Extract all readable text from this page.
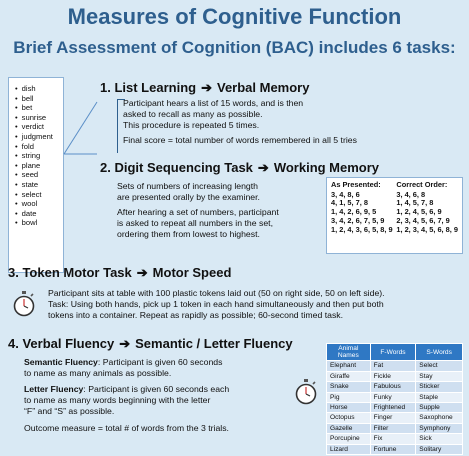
Measures of Cognitive Function
Brief Assessment of Cognition (BAC) includes 6 tasks:
• dish
• bell
• bet
• sunrise
• verdict
• judgment
• fold
• string
• plane
• seed
• state
• select
• wool
• date
• bowl
1. List Learning ➔ Verbal Memory
Participant hears a list of 15 words, and is then
asked to recall as many as possible.
This procedure is repeated 5 times.
Final score = total number of words remembered in all 5 tries
2. Digit Sequencing Task ➔ Working Memory
Sets of numbers of increasing length
are presented orally by the examiner.
After hearing a set of numbers, participant
is asked to repeat all numbers in the set,
ordering them from lowest to highest.
As Presented:	Correct Order:
3, 4, 8, 6	3, 4, 6, 8
4, 1, 5, 7, 8	1, 4, 5, 7, 8
1, 4, 2, 6, 9, 5	1, 2, 4, 5, 6, 9
3, 4, 2, 6, 7, 5, 9	2, 3, 4, 5, 6, 7, 9
1, 2, 4, 3, 6, 5, 8, 9	1, 2, 3, 4, 5, 6, 8, 9
3. Token Motor Task ➔ Motor Speed
Participant sits at table with 100 plastic tokens laid out (50 on right side, 50 on left side).
Task: Using both hands, pick up 1 token in each hand simultaneously and then put both
tokens into a container. Repeat as rapidly as possible; 60-second timed task.
4. Verbal Fluency ➔ Semantic / Letter Fluency
Semantic Fluency: Participant is given 60 seconds
to name as many animals as possible.
Letter Fluency: Participant is given 60 seconds each
to name as many words beginning with the letter
“F” and “S” as possible.
Outcome measure = total # of words from the 3 trials.
Animal Names	F-Words	S-Words
Elephant	Fat	Select
Giraffe	Fickle	Stay
Snake	Fabulous	Sticker
Pig	Funky	Staple
Horse	Frightened	Supple
Octopus	Finger	Saxophone
Gazelle	Filter	Symphony
Porcupine	Fix	Sick
Lizard	Fortune	Solitary
